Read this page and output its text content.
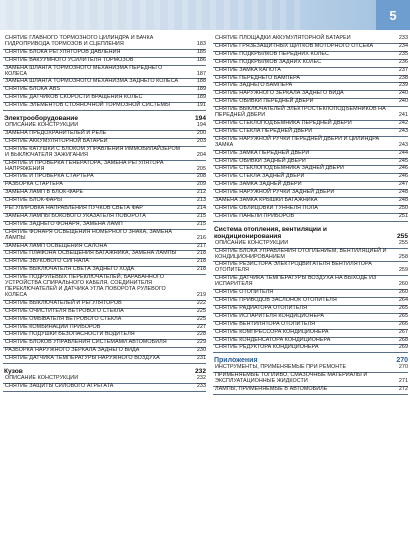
5
СНЯТИЕ ГЛАВНОГО ТОРМОЗНОГО ЦИЛИНДРА И БАЧКА ГИДРОПРИВОДА ТОРМОЗОВ И СЦЕПЛЕНИЯ	183
СНЯТИЕ БЛОКА РЕГУЛЯТОРОВ ДАВЛЕНИЯ	185
СНЯТИЕ ВАКУУМНОГО УСИЛИТЕЛЯ ТОРМОЗОВ	186
ЗАМЕНА ШЛАНГА ТОРМОЗНОГО МЕХАНИЗМА ПЕРЕДНЕГО КОЛЕСА	187
ЗАМЕНА ШЛАНГА ТОРМОЗНОГО МЕХАНИЗМА ЗАДНЕГО КОЛЕСА	188
СНЯТИЕ БЛОКА ABS	189
СНЯТИЕ ДАТЧИКОВ СКОРОСТИ ВРАЩЕНИЯ КОЛЕС	189
СНЯТИЕ ЭЛЕМЕНТОВ СТОЯНОЧНОЙ ТОРМОЗНОЙ СИСТЕМЫ	191
Электрооборудование	194
ОПИСАНИЕ КОНСТРУКЦИИ	194
ЗАМЕНА ПРЕДОХРАНИТЕЛЕЙ И РЕЛЕ	200
СНЯТИЕ АККУМУЛЯТОРНОЙ БАТАРЕИ	203
СНЯТИЕ КАТУШКИ С БЛОКОМ УПРАВЛЕНИЯ ИММОБИЛАЙЗЕРОМ И ВЫКЛЮЧАТЕЛЯ ЗАЖИГАНИЯ	204
СНЯТИЕ И ПРОВЕРКА ГЕНЕРАТОРА, ЗАМЕНА РЕГУЛЯТОРА НАПРЯЖЕНИЯ	205
СНЯТИЕ И ПРОВЕРКА СТАРТЕРА	208
РАЗБОРКА СТАРТЕРА	209
ЗАМЕНА ЛАМП В БЛОК-ФАРЕ	212
СНЯТИЕ БЛОК-ФАРЫ	213
РЕГУЛИРОВКА НАПРАВЛЕНИЯ ПУЧКОВ СВЕТА ФАР	214
ЗАМЕНА ЛАМПЫ БОКОВОГО УКАЗАТЕЛЯ ПОВОРОТА	215
СНЯТИЕ ЗАДНЕГО ФОНАРЯ, ЗАМЕНА ЛАМП	215
СНЯТИЕ ФОНАРЯ ОСВЕЩЕНИЯ НОМЕРНОГО ЗНАКА, ЗАМЕНА ЛАМПЫ	216
ЗАМЕНА ЛАМП ОСВЕЩЕНИЯ САЛОНА	217
СНЯТИЕ ПЛАФОНА ОСВЕЩЕНИЯ БАГАЖНИКА, ЗАМЕНА ЛАМПЫ	218
СНЯТИЕ ЗВУКОВОГО СИГНАЛА	218
СНЯТИЕ ВЫКЛЮЧАТЕЛЯ СВЕТА ЗАДНЕГО ХОДА	218
СНЯТИЕ ПОДРУЛЕВЫХ ПЕРЕКЛЮЧАТЕЛЕЙ, БАРАБАННОГО УСТРОЙСТВА СПИРАЛЬНОГО КАБЕЛЯ, СОЕДИНИТЕЛЯ ПЕРЕКЛЮЧАТЕЛЕЙ И ДАТЧИКА УГЛА ПОВОРОТА РУЛЕВОГО КОЛЕСА	219
СНЯТИЕ ВЫКЛЮЧАТЕЛЕЙ И РЕГУЛЯТОРОВ	222
СНЯТИЕ ОЧИСТИТЕЛЯ ВЕТРОВОГО СТЕКЛА	225
СНЯТИЕ ОМЫВАТЕЛЯ ВЕТРОВОГО СТЕКЛА	225
СНЯТИЕ КОМБИНАЦИИ ПРИБОРОВ	227
СНЯТИЕ ПОДУШКИ БЕЗОПАСНОСТИ ВОДИТЕЛЯ	228
СНЯТИЕ БЛОКОВ УПРАВЛЕНИЯ СИСТЕМАМИ АВТОМОБИЛЯ	229
РАЗБОРКА НАРУЖНОГО ЗЕРКАЛА ЗАДНЕГО ВИДА	230
СНЯТИЕ ДАТЧИКА ТЕМПЕРАТУРЫ НАРУЖНОГО ВОЗДУХА	231
Кузов	232
ОПИСАНИЕ КОНСТРУКЦИИ	232
СНЯТИЕ ЗАЩИТЫ СИЛОВОГО АГРЕГАТА	233
СНЯТИЕ ПЛОЩАДКИ АККУМУЛЯТОРНОЙ БАТАРЕИ	233
СНЯТИЕ ГРЯЗЕЗАЩИТНЫХ ЩИТКОВ МОТОРНОГО ОТСЕКА	234
СНЯТИЕ ПОДКРЫЛКОВ ПЕРЕДНИХ КОЛЕС	235
СНЯТИЕ ПОДКРЫЛКОВ ЗАДНИХ КОЛЕС	236
СНЯТИЕ ЗАМКА КАПОТА	237
СНЯТИЕ ПЕРЕДНЕГО БАМПЕРА	238
СНЯТИЕ ЗАДНЕГО БАМПЕРА	239
СНЯТИЕ НАРУЖНОГО ЗЕРКАЛА ЗАДНЕГО ВИДА	240
СНЯТИЕ ОБИВКИ ПЕРЕДНЕЙ ДВЕРИ	240
СНЯТИЕ ВЫКЛЮЧАТЕЛЕЙ ЭЛЕКТРОСТЕКЛОПОДЪЕМНИКОВ НА ПЕРЕДНЕЙ ДВЕРИ	241
СНЯТИЕ СТЕКЛОПОДЪЕМНИКА ПЕРЕДНЕЙ ДВЕРИ	242
СНЯТИЕ СТЕКЛА ПЕРЕДНЕЙ ДВЕРИ	243
СНЯТИЕ НАРУЖНОЙ РУЧКИ ПЕРЕДНЕЙ ДВЕРИ И ЦИЛИНДРА ЗАМКА	243
СНЯТИЕ ЗАМКА ПЕРЕДНЕЙ ДВЕРИ	244
СНЯТИЕ ОБИВКИ ЗАДНЕЙ ДВЕРИ	245
СНЯТИЕ СТЕКЛОПОДЪЕМНИКА ЗАДНЕЙ ДВЕРИ	246
СНЯТИЕ СТЕКЛА ЗАДНЕЙ ДВЕРИ	246
СНЯТИЕ ЗАМКА ЗАДНЕЙ ДВЕРИ	247
СНЯТИЕ НАРУЖНОЙ РУЧКИ ЗАДНЕЙ ДВЕРИ	248
ЗАМЕНА ЗАМКА КРЫШКИ БАГАЖНИКА	248
СНЯТИЕ ОБЛИЦОВКИ ТУННЕЛЯ ПОЛА	250
СНЯТИЕ ПАНЕЛИ ПРИБОРОВ	251
Система отопления, вентиляции и кондиционирования	255
ОПИСАНИЕ КОНСТРУКЦИИ	255
СНЯТИЕ БЛОКА УПРАВЛЕНИЯ ОТОПЛЕНИЕМ, ВЕНТИЛЯЦИЕЙ И КОНДИЦИОНИРОВАНИЕМ	258
СНЯТИЕ РЕЗИСТОРА ЭЛЕКТРОДВИГАТЕЛЯ ВЕНТИЛЯТОРА ОТОПИТЕЛЯ	259
СНЯТИЕ ДАТЧИКА ТЕМПЕРАТУРЫ ВОЗДУХА НА ВЫХОДЕ ИЗ ИСПАРИТЕЛЯ	260
СНЯТИЕ ОТОПИТЕЛЯ	260
СНЯТИЕ ПРИВОДОВ ЗАСЛОНОК ОТОПИТЕЛЯ	264
СНЯТИЕ РАДИАТОРА ОТОПИТЕЛЯ	265
СНЯТИЕ ИСПАРИТЕЛЯ КОНДИЦИОНЕРА	265
СНЯТИЕ ВЕНТИЛЯТОРА ОТОПИТЕЛЯ	266
СНЯТИЕ КОМПРЕССОРА КОНДИЦИОНЕРА	267
СНЯТИЕ КОНДЕНСАТОРА КОНДИЦИОНЕРА	268
СНЯТИЕ РЕДУКТОРА КОНДИЦИОНЕРА	269
Приложения	270
ИНСТРУМЕНТЫ, ПРИМЕНЯЕМЫЕ ПРИ РЕМОНТЕ	270
ПРИМЕНЯЕМЫЕ ТОПЛИВО, СМАЗОЧНЫЕ МАТЕРИАЛЫ И ЭКСПЛУАТАЦИОННЫЕ ЖИДКОСТИ	271
ЛАМПЫ, ПРИМЕНЯЕМЫЕ В АВТОМОБИЛЕ	272
